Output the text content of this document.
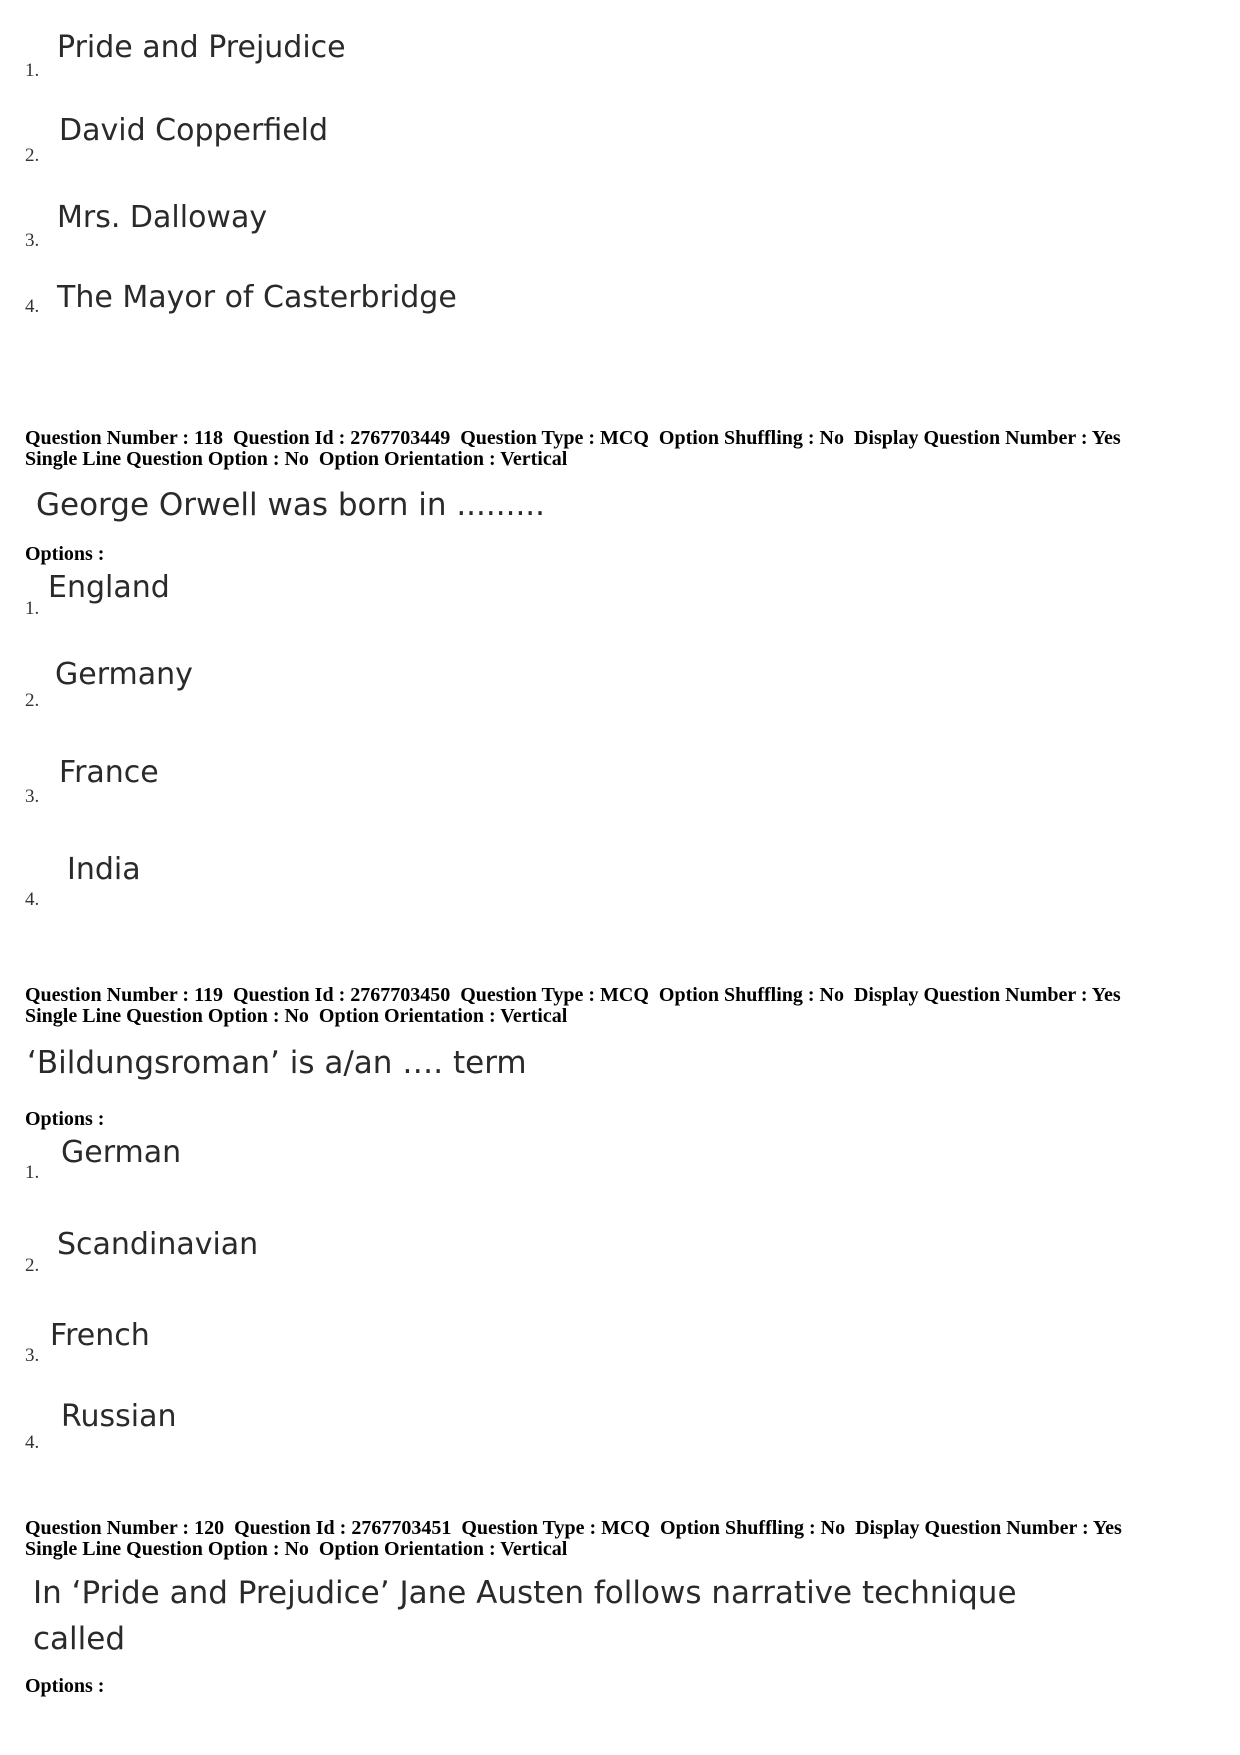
1.
Pride and Prejudice
2.
David Copperfield
3.
Mrs. Dalloway
4. The Mayor of Casterbridge
Question Number : 118  Question Id : 2767703449  Question Type : MCQ  Option Shuffling : No  Display Question Number : Yes
Single Line Question Option : No  Option Orientation : Vertical
George Orwell was born in .........
Options :
1.
England
2.
Germany
3.
France
4.
India
Question Number : 119  Question Id : 2767703450  Question Type : MCQ  Option Shuffling : No  Display Question Number : Yes
Single Line Question Option : No  Option Orientation : Vertical
‘Bildungsroman’ is a/an …. term
Options :
1.
German
2.
Scandinavian
3.
French
4.
Russian
Question Number : 120  Question Id : 2767703451  Question Type : MCQ  Option Shuffling : No  Display Question Number : Yes
Single Line Question Option : No  Option Orientation : Vertical
In ‘Pride and Prejudice’ Jane Austen follows narrative technique
called
Options :
